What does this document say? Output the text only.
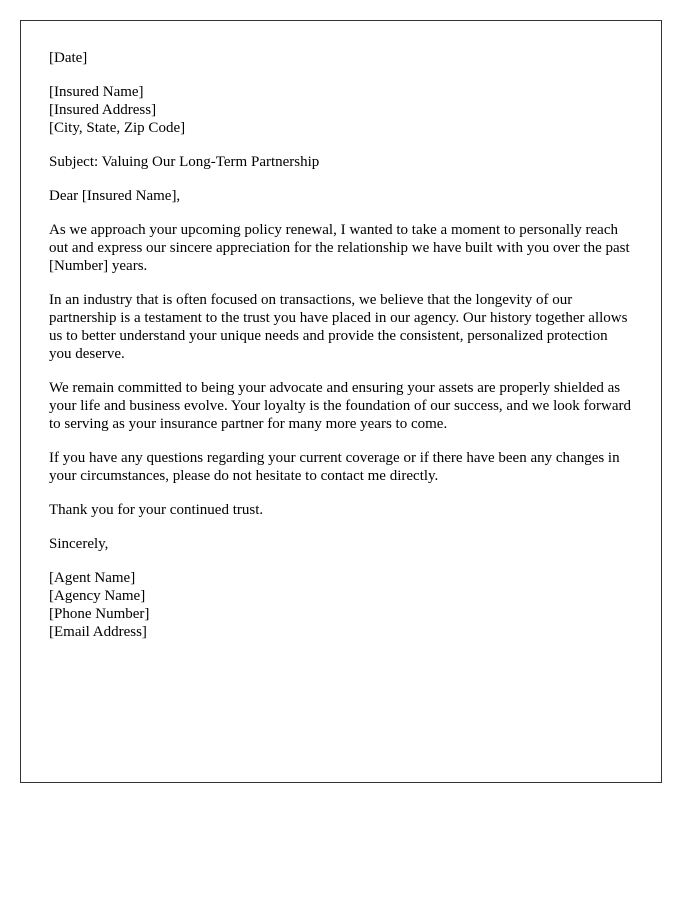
[Date]

[Insured Name]
[Insured Address]
[City, State, Zip Code]

Subject: Valuing Our Long-Term Partnership

Dear [Insured Name],

As we approach your upcoming policy renewal, I wanted to take a moment to personally reach out and express our sincere appreciation for the relationship we have built with you over the past [Number] years.

In an industry that is often focused on transactions, we believe that the longevity of our partnership is a testament to the trust you have placed in our agency. Our history together allows us to better understand your unique needs and provide the consistent, personalized protection you deserve.

We remain committed to being your advocate and ensuring your assets are properly shielded as your life and business evolve. Your loyalty is the foundation of our success, and we look forward to serving as your insurance partner for many more years to come.

If you have any questions regarding your current coverage or if there have been any changes in your circumstances, please do not hesitate to contact me directly.

Thank you for your continued trust.

Sincerely,

[Agent Name]
[Agency Name]
[Phone Number]
[Email Address]
